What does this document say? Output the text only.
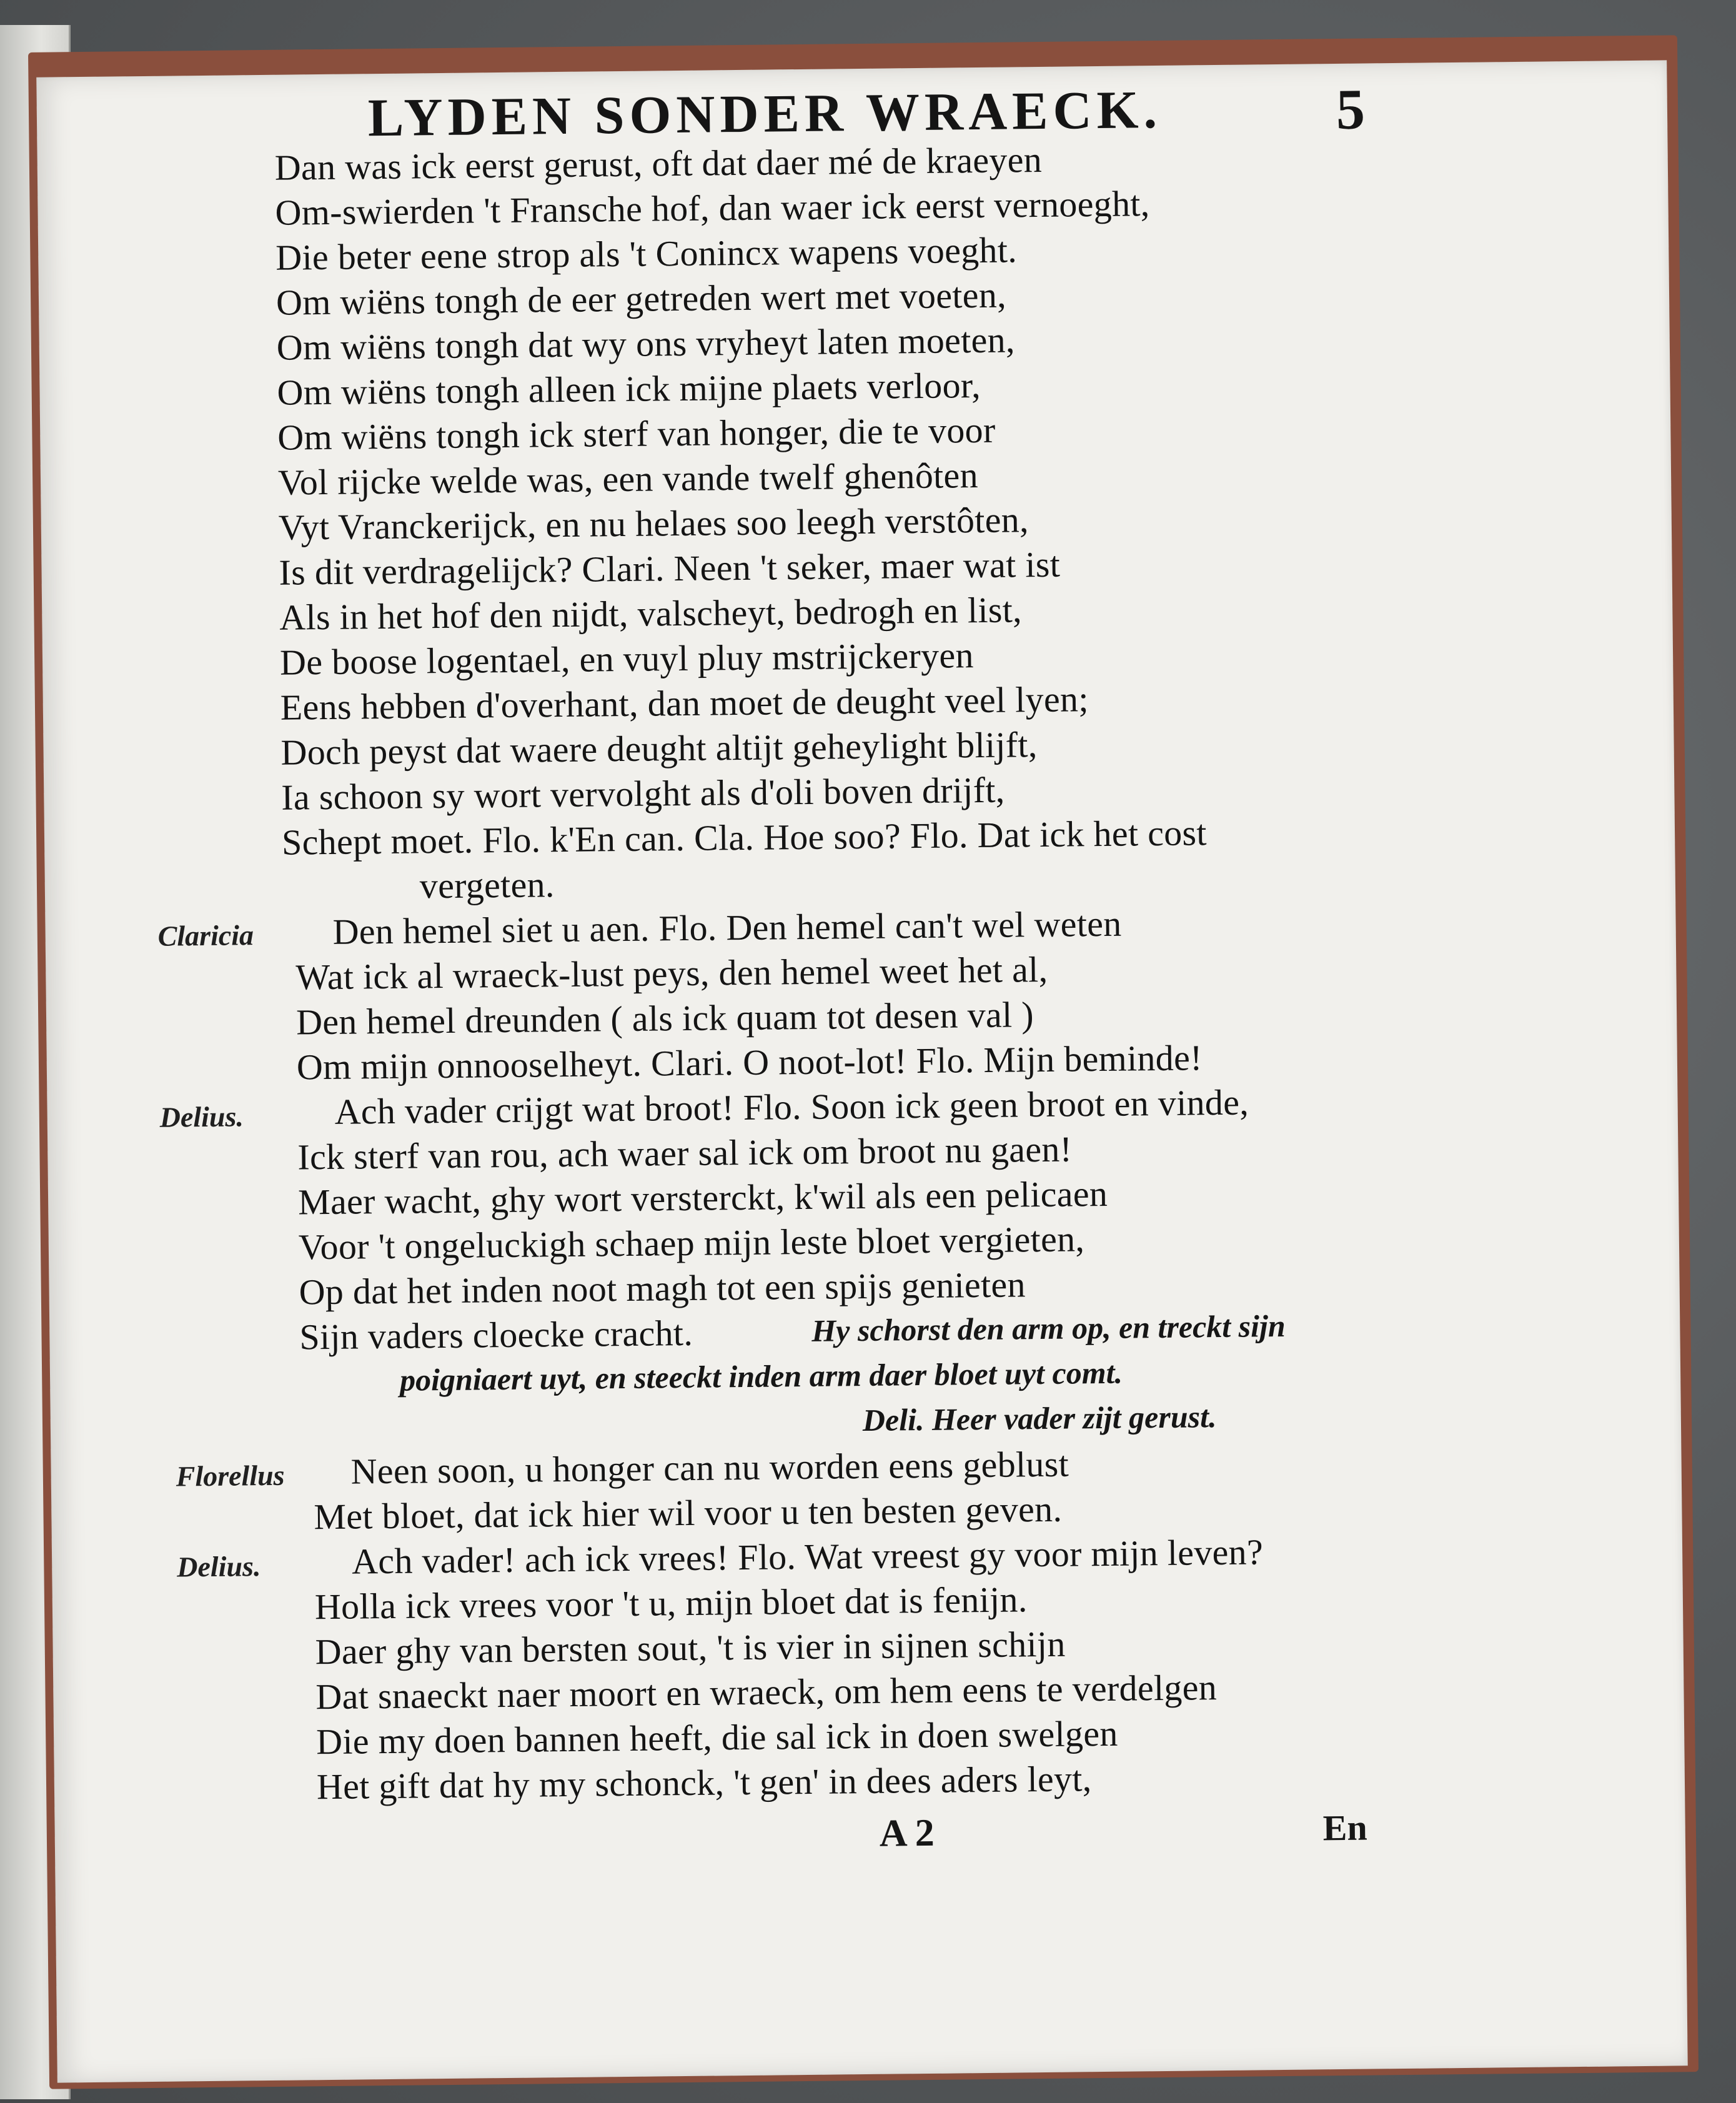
LYDEN SONDER WRAECK.	5
Dan was ick eerst gerust, oft dat daer mé de kraeyen
Om-swierden 't Fransche hof, dan waer ick eerst vernoeght,
Die beter eene strop als 't Conincx wapens voeght.
Om wiëns tongh de eer getreden wert met voeten,
Om wiëns tongh dat wy ons vryheyt laten moeten,
Om wiëns tongh alleen ick mijne plaets verloor,
Om wiëns tongh ick sterf van honger, die te voor
Vol rijcke welde was, een vande twelf ghenôten
Vyt Vranckerijck, en nu helaes soo leegh verstôten,
Is dit verdragelijck? Clari. Neen 't seker, maer wat ist
Als in het hof den nijdt, valscheyt, bedrogh en list,
De boose logentael, en vuyl pluy mstrijckeryen
Eens hebben d'overhant, dan moet de deught veel lyen;
Doch peyst dat waere deught altijt geheylight blijft,
Ia schoon sy wort vervolght als d'oli boven drijft,
Schept moet. Flo. k'En can. Cla. Hoe soo? Flo. Dat ick het cost
vergeten.
Claricia Den hemel siet u aen. Flo. Den hemel can't wel weten
Wat ick al wraeck-lust peys, den hemel weet het al,
Den hemel dreunden ( als ick quam tot desen val )
Om mijn onnooselheyt. Clari. O noot-lot! Flo. Mijn beminde!
Delius.	Ach vader crijgt wat broot! Flo. Soon ick geen broot en vinde,
Ick sterf van rou, ach waer sal ick om broot nu gaen!
Maer wacht, ghy wort versterckt, k'wil als een pelicaen
Voor 't ongeluckigh schaep mijn leste bloet vergieten,
Op dat het inden noot magh tot een spijs genieten
Sijn vaders cloecke cracht.	Hy schorst den arm op, en treckt sijn
poigniaert uyt, en steeckt inden arm daer bloet uyt comt.
Deli. Heer vader zijt gerust.
Florellus Neen soon, u honger can nu worden eens geblust
Met bloet, dat ick hier wil voor u ten besten geven.
Delius.	Ach vader! ach ick vrees! Flo. Wat vreest gy voor mijn leven?
Holla ick vrees voor 't u, mijn bloet dat is fenijn.
Daer ghy van bersten sout, 't is vier in sijnen schijn
Dat snaeckt naer moort en wraeck, om hem eens te verdelgen
Die my doen bannen heeft, die sal ick in doen swelgen
Het gift dat hy my schonck, 't gen' in dees aders leyt,
A 2	En
